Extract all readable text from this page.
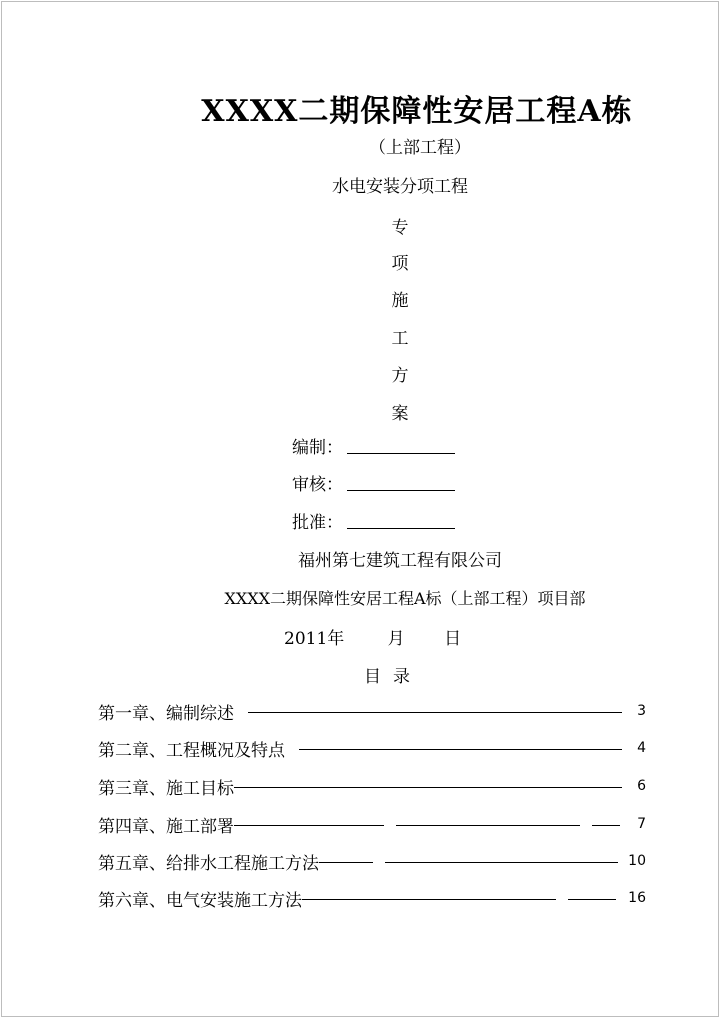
XXXX二期保障性安居工程A栋
（上部工程）
水电安装分项工程
专
项
施
工
方
案
编制：
审核：
批准：
福州第七建筑工程有限公司
XXXX二期保障性安居工程A标（上部工程）项目部
2011年	月 日
目录
第一章、编制综述	3
第二章、工程概况及特点	4
第三章、施工目标	6
第四章、施工部署	7
第五章、给排水工程施工方法	10
第六章、电气安装施工方法	16
